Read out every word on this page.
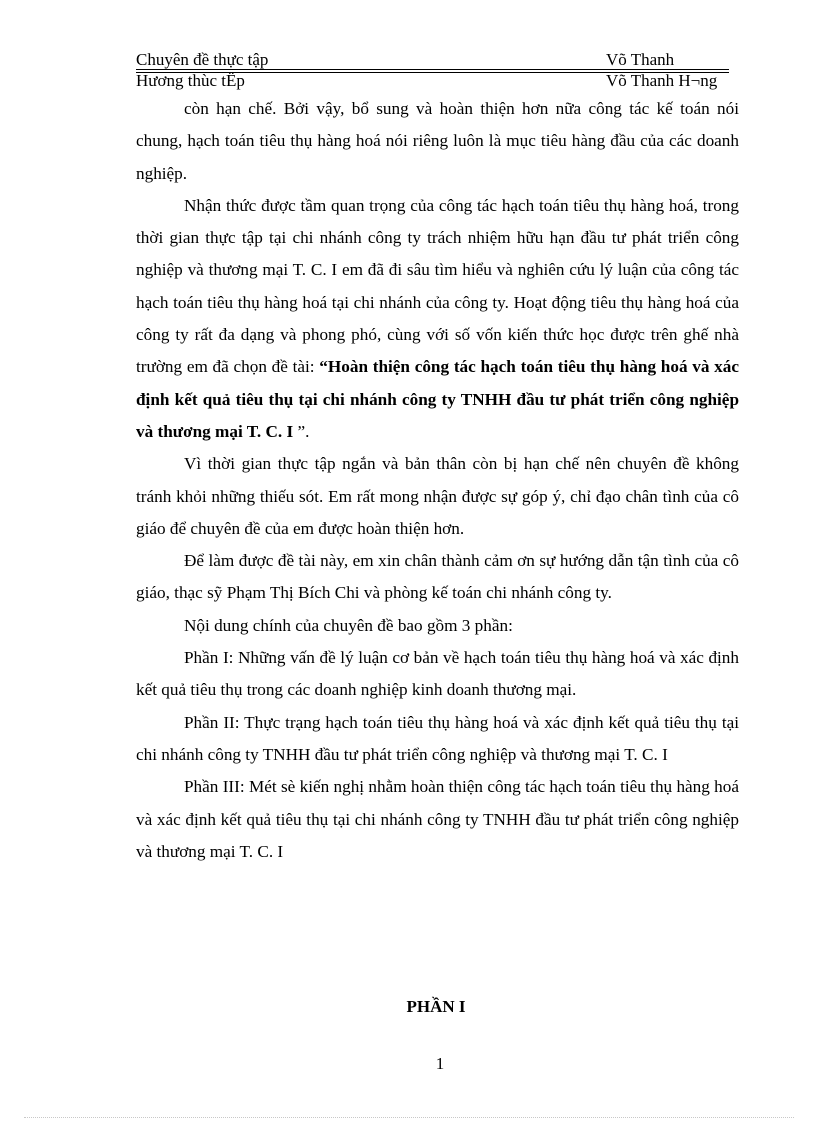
Chuyên đề thực tập	Võ Thanh
Hương thùc tËp	Võ Thanh H¬ng

còn hạn chế. Bởi vậy, bổ sung và hoàn thiện hơn nữa công tác kế toán nói chung, hạch toán tiêu thụ hàng hoá nói riêng luôn là mục tiêu hàng đầu của các doanh nghiệp.

Nhận thức được tầm quan trọng của công tác hạch toán tiêu thụ hàng hoá, trong thời gian thực tập tại chi nhánh công ty trách nhiệm hữu hạn đầu tư phát triển công nghiệp và thương mại T. C. I em đã đi sâu tìm hiểu và nghiên cứu lý luận của công tác hạch toán tiêu thụ hàng hoá tại chi nhánh của công ty. Hoạt động tiêu thụ hàng hoá của công ty rất đa dạng và phong phó, cùng với số vốn kiến thức học được trên ghế nhà trường em đã chọn đề tài: “Hoàn thiện công tác hạch toán tiêu thụ hàng hoá và xác định kết quả tiêu thụ tại chi nhánh công ty TNHH đầu tư phát triển công nghiệp và thương mại T. C. I ”.

Vì thời gian thực tập ngắn và bản thân còn bị hạn chế nên chuyên đề không tránh khỏi những thiếu sót. Em rất mong nhận được sự góp ý, chỉ đạo chân tình của cô giáo để chuyên đề của em được hoàn thiện hơn.

Để làm được đề tài này, em xin chân thành cảm ơn sự hướng dẫn tận tình của cô giáo, thạc sỹ Phạm Thị Bích Chi và phòng kế toán chi nhánh công ty.

Nội dung chính của chuyên đề bao gồm 3 phần:

Phần I: Những vấn đề lý luận cơ bản về hạch toán tiêu thụ hàng hoá và xác định kết quả tiêu thụ trong các doanh nghiệp kinh doanh thương mại.

Phần II: Thực trạng hạch toán tiêu thụ hàng hoá và xác định kết quả tiêu thụ tại chi nhánh công ty TNHH đầu tư phát triển công nghiệp và thương mại T. C. I

Phần III: Mét sè kiến nghị nhằm hoàn thiện công tác hạch toán tiêu thụ hàng hoá và xác định kết quả tiêu thụ tại chi nhánh công ty TNHH đầu tư phát triển công nghiệp và thương mại T. C. I

PHẦN I
1
